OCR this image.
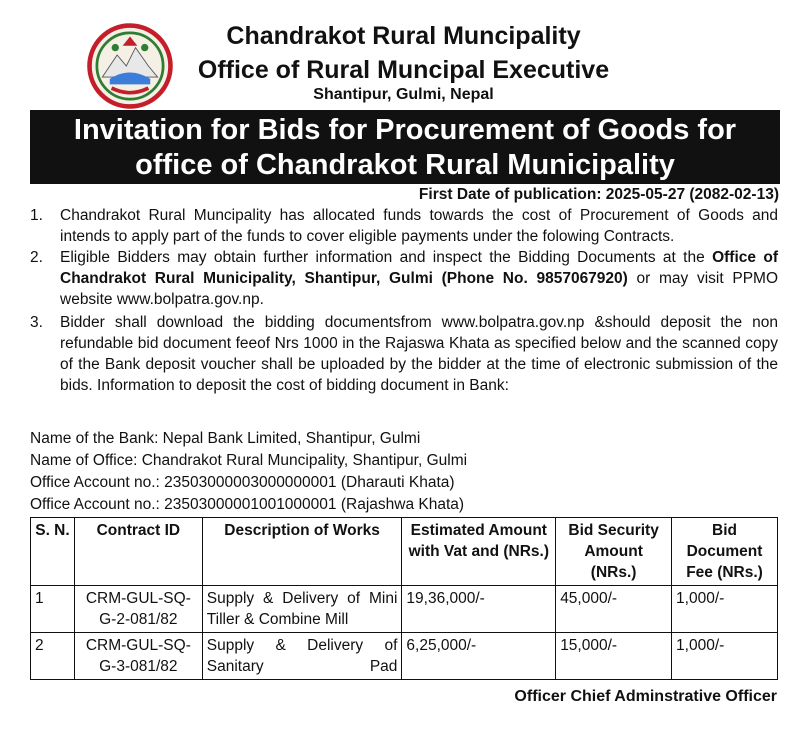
Chandrakot Rural Muncipality
Office of Rural Muncipal Executive
Shantipur, Gulmi, Nepal
Invitation for Bids for Procurement of Goods for
office of Chandrakot Rural Municipality
First Date of publication: 2025-05-27 (2082-02-13)
1. Chandrakot Rural Muncipality has allocated funds towards the cost of Procurement of Goods and intends to apply part of the funds to cover eligible payments under the folowing Contracts.

2. Eligible Bidders may obtain further information and inspect the Bidding Documents at the Office of Chandrakot Rural Municipality, Shantipur, Gulmi (Phone No. 9857067920) or may visit PPMO website www.bolpatra.gov.np.

3. Bidder shall download the bidding documentsfrom www.bolpatra.gov.np &should deposit the non refundable bid document feeof Nrs 1000 in the Rajaswa Khata as specified below and the scanned copy of the Bank deposit voucher shall be uploaded by the bidder at the time of electronic submission of the bids. Information to deposit the cost of bidding document in Bank:

Name of the Bank: Nepal Bank Limited, Shantipur, Gulmi
Name of Office: Chandrakot Rural Muncipality, Shantipur, Gulmi
Office Account no.: 23503000003000000001 (Dharauti Khata)
Office Account no.: 23503000001001000001 (Rajashwa Khata)
S. N.	Contract ID	Description of Works	Estimated Amount with Vat and (NRs.)	Bid Security Amount (NRs.)	Bid Document Fee (NRs.)
1	CRM-GUL-SQ-G-2-081/82	Supply & Delivery of Mini Tiller & Combine Mill	19,36,000/-	45,000/-	1,000/-
2	CRM-GUL-SQ-G-3-081/82	Supply & Delivery of Sanitary Pad	6,25,000/-	15,000/-	1,000/-
Officer Chief Adminstrative Officer
